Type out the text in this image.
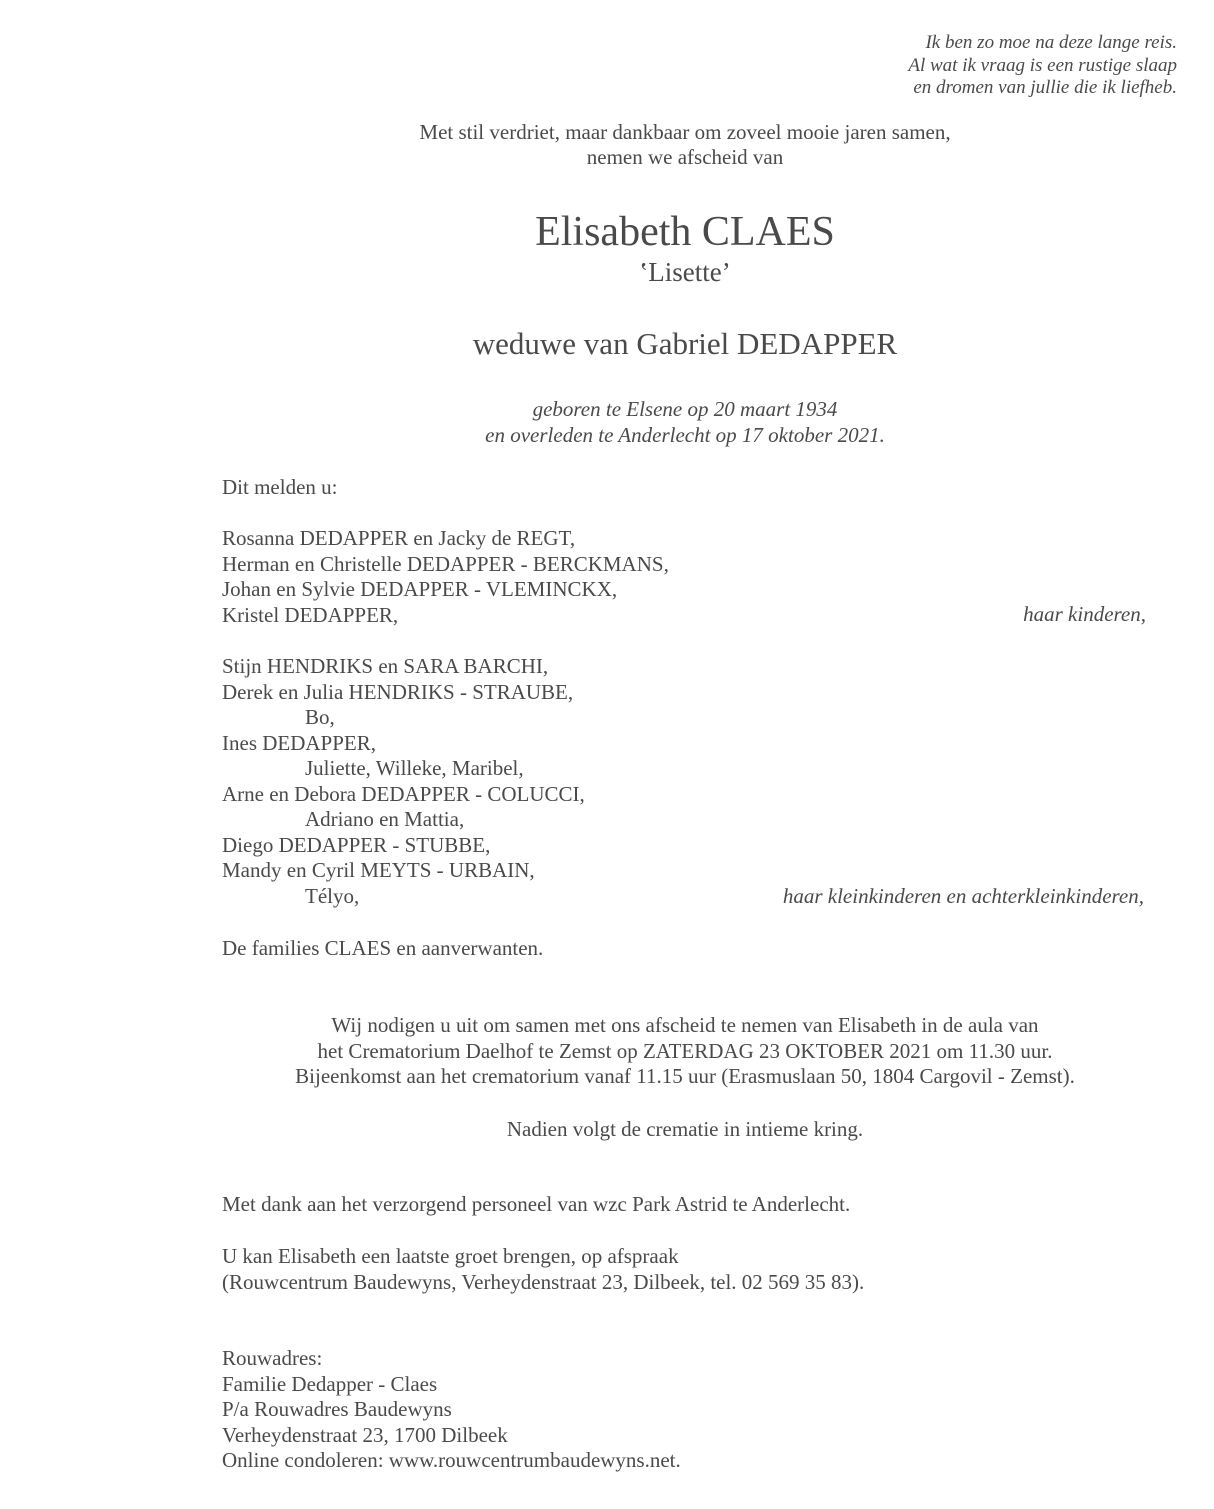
Ik ben zo moe na deze lange reis.
Al wat ik vraag is een rustige slaap
en dromen van jullie die ik liefheb.
Met stil verdriet, maar dankbaar om zoveel mooie jaren samen,
nemen we afscheid van
Elisabeth CLAES
‛Lisette’
weduwe van Gabriel DEDAPPER
geboren te Elsene op 20 maart 1934
en overleden te Anderlecht op 17 oktober 2021.
Dit melden u:
Rosanna DEDAPPER en Jacky de REGT,
Herman en Christelle DEDAPPER - BERCKMANS,
Johan en Sylvie DEDAPPER - VLEMINCKX,
Kristel DEDAPPER,	haar kinderen,
Stijn HENDRIKS en SARA BARCHI,
Derek en Julia HENDRIKS - STRAUBE,
Bo,
Ines DEDAPPER,
Juliette, Willeke, Maribel,
Arne en Debora DEDAPPER - COLUCCI,
Adriano en Mattia,
Diego DEDAPPER - STUBBE,
Mandy en Cyril MEYTS - URBAIN,
Télyo,	haar kleinkinderen en achterkleinkinderen,
De families CLAES en aanverwanten.
Wij nodigen u uit om samen met ons afscheid te nemen van Elisabeth in de aula van
het Crematorium Daelhof te Zemst op ZATERDAG 23 OKTOBER 2021 om 11.30 uur.
Bijeenkomst aan het crematorium vanaf 11.15 uur (Erasmuslaan 50, 1804 Cargovil - Zemst).
Nadien volgt de crematie in intieme kring.
Met dank aan het verzorgend personeel van wzc Park Astrid te Anderlecht.
U kan Elisabeth een laatste groet brengen, op afspraak
(Rouwcentrum Baudewyns, Verheydenstraat 23, Dilbeek, tel. 02 569 35 83).
Rouwadres:
Familie Dedapper - Claes
P/a Rouwadres Baudewyns
Verheydenstraat 23, 1700 Dilbeek
Online condoleren: www.rouwcentrumbaudewyns.net.
